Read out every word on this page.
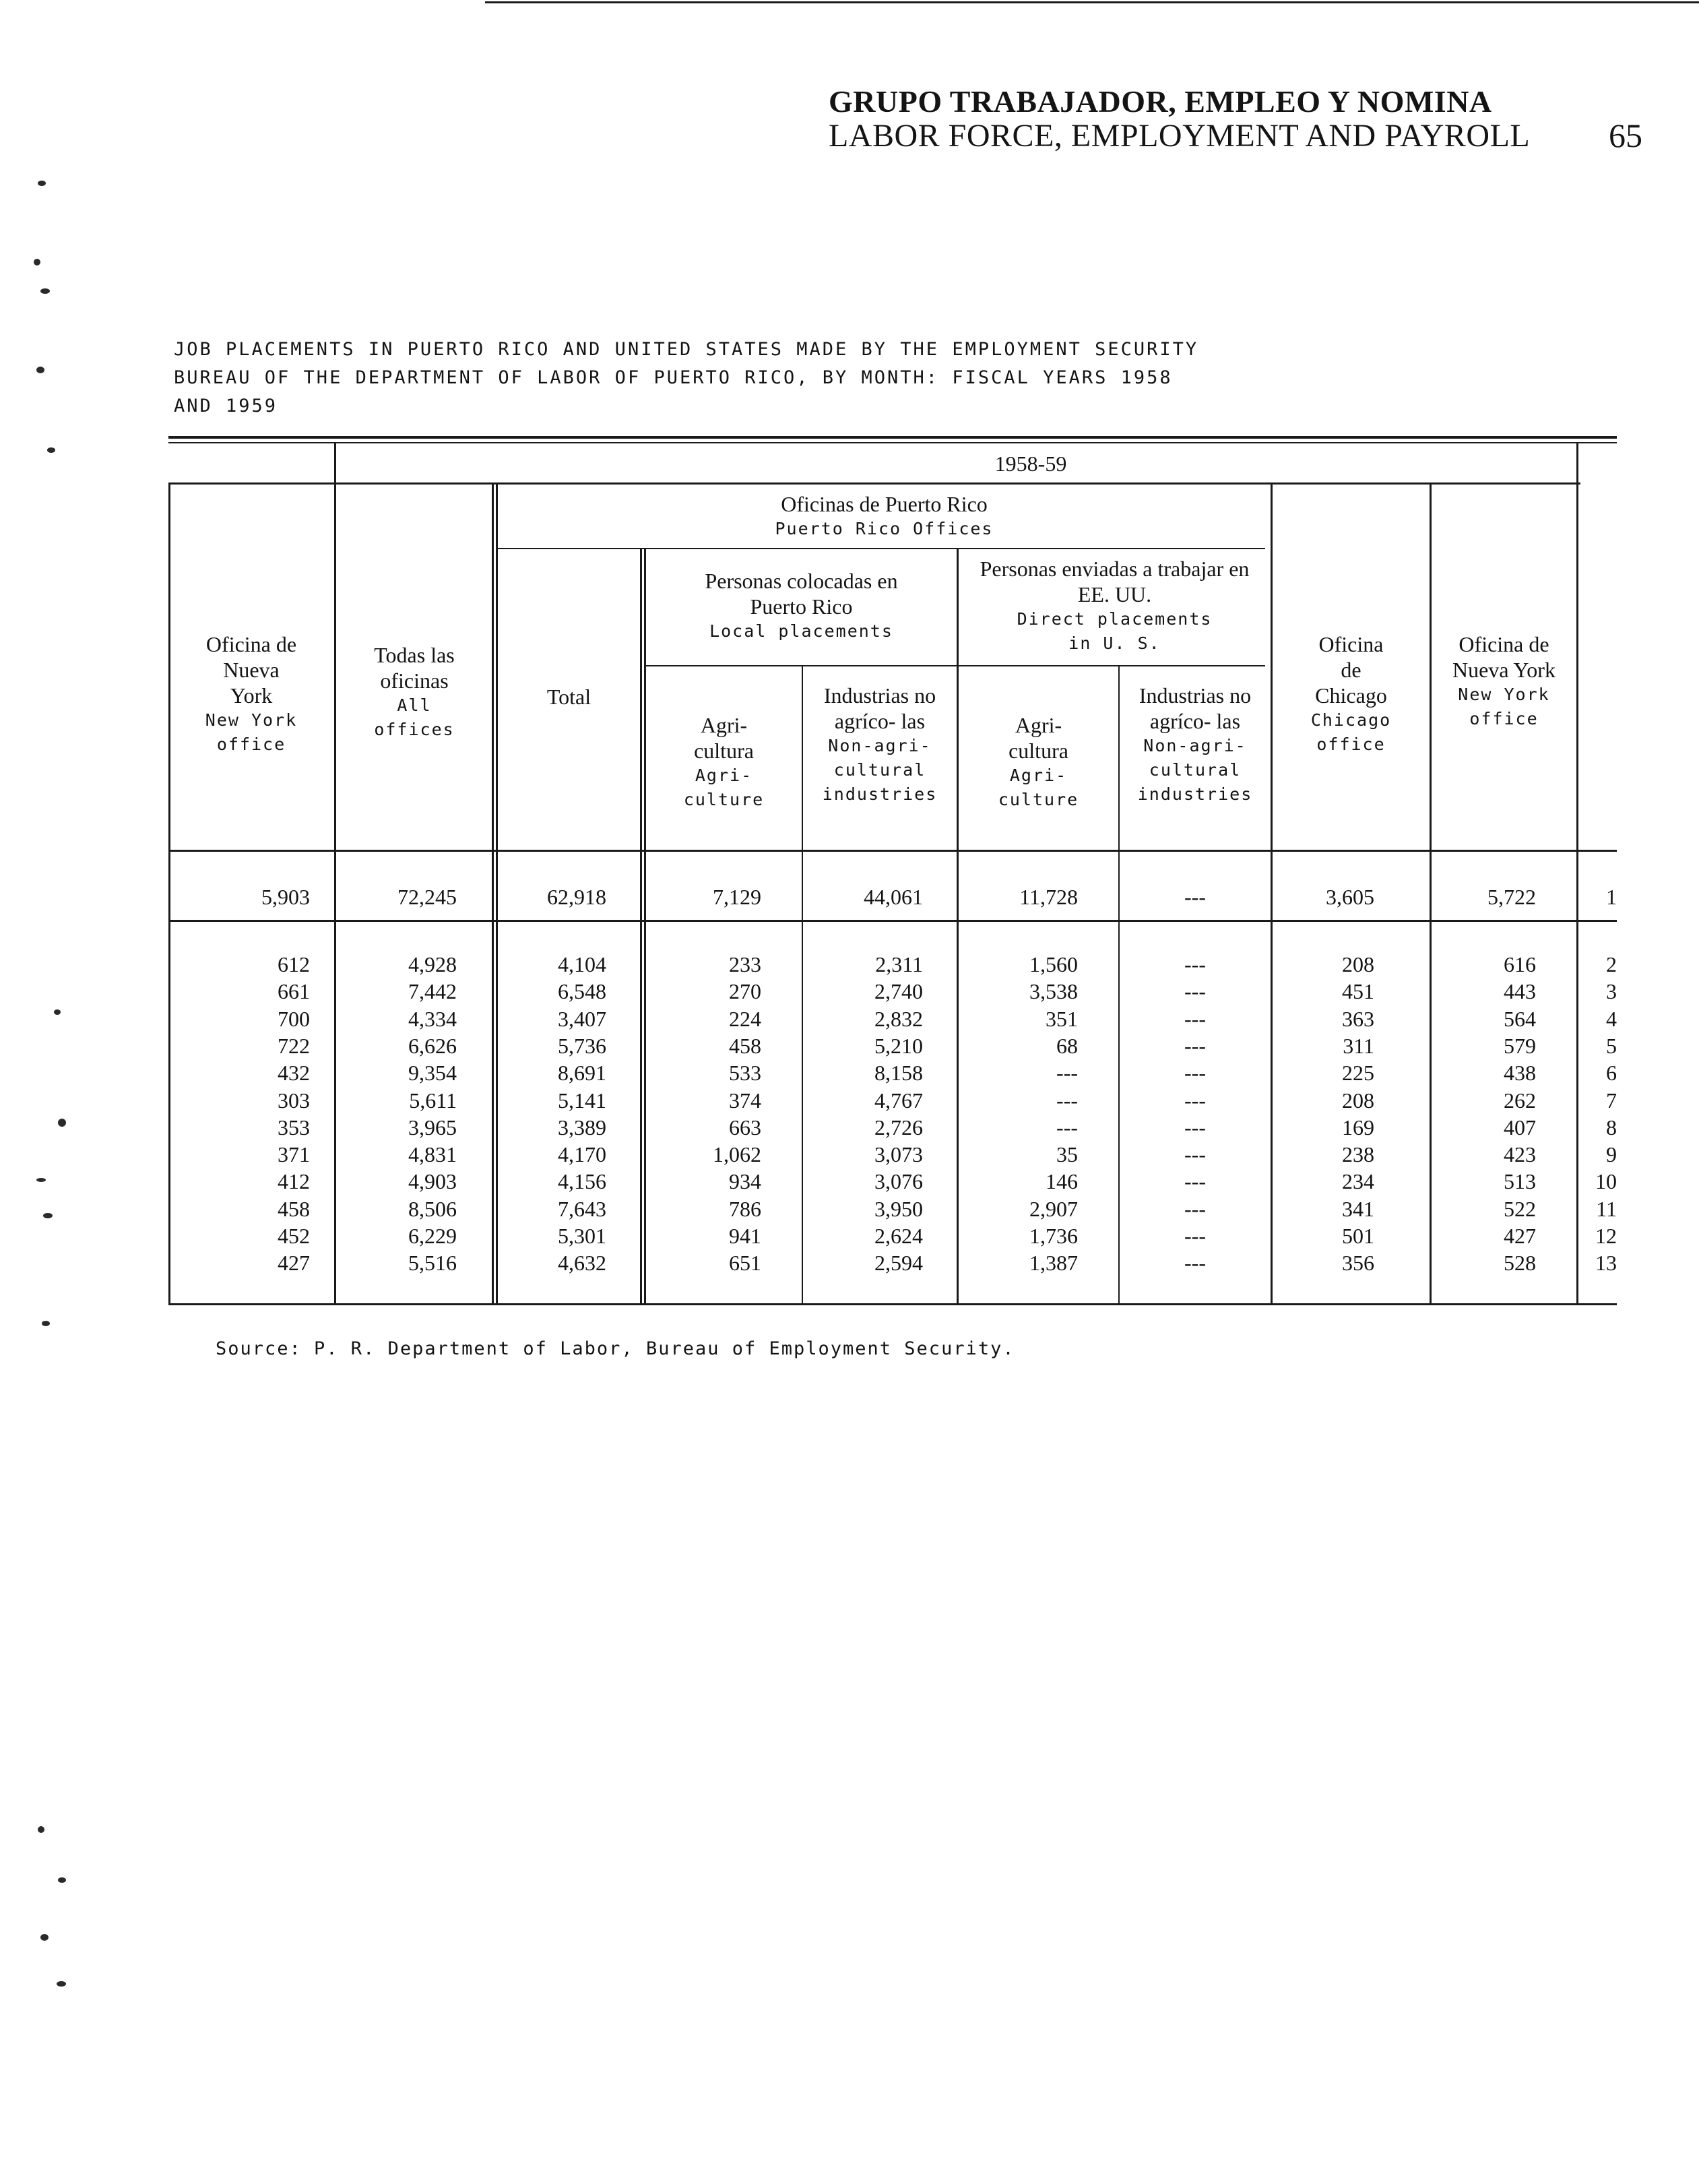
GRUPO TRABAJADOR, EMPLEO Y NOMINA
LABOR FORCE, EMPLOYMENT AND PAYROLL 65
JOB PLACEMENTS IN PUERTO RICO AND UNITED STATES MADE BY THE EMPLOYMENT SECURITY
BUREAU OF THE DEPARTMENT OF LABOR OF PUERTO RICO, BY MONTH: FISCAL YEARS 1958
AND 1959
1958-59
Oficina de Nueva York
New York office
Todas las oficinas
All offices
Oficinas de Puerto Rico
Puerto Rico Offices
Total
Personas colocadas en Puerto Rico
Local placements
Personas enviadas a trabajar en EE. UU.
Direct placements in U. S.
Agri- cultura
Agri- culture
Industrias no agríco- las
Non-agri- cultural industries
Agri- cultura
Agri- culture
Industrias no agríco- las
Non-agri- cultural industries
Oficina de Chicago
Chicago office
Oficina de Nueva York
New York office
5,903	72,245	62,918	7,129	44,061	11,728	---	3,605	5,722	1
612	4,928	4,104	233	2,311	1,560	---	208	616	2
661	7,442	6,548	270	2,740	3,538	---	451	443	3
700	4,334	3,407	224	2,832	351	---	363	564	4
722	6,626	5,736	458	5,210	68	---	311	579	5
432	9,354	8,691	533	8,158	---	---	225	438	6
303	5,611	5,141	374	4,767	---	---	208	262	7
353	3,965	3,389	663	2,726	---	---	169	407	8
371	4,831	4,170	1,062	3,073	35	---	238	423	9
412	4,903	4,156	934	3,076	146	---	234	513	10
458	8,506	7,643	786	3,950	2,907	---	341	522	11
452	6,229	5,301	941	2,624	1,736	---	501	427	12
427	5,516	4,632	651	2,594	1,387	---	356	528	13
Source: P. R. Department of Labor, Bureau of Employment Security.
